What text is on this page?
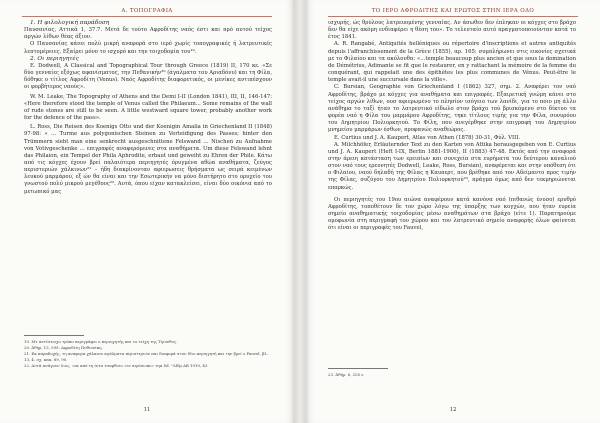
Α. ΤΟΠΟΓΡΑΦΙΑ

1. Η φιλολογική παράδοση

Παυσανίας, Αττικά 1, 37.7. Μετά δε τούτο Αφροδίτης ναός έστι και πρό αυτού τείχος αργών λίθων θέας άξιον.

Ο Παυσανίας κάνει πολύ μικρή αναφορά στο ιερό χωρίς τοπογραφικές ή λατρευτικές λεπτομέρειες. Εξαίρει μόνο το ισχυρό και την τοιχοδομία του¹⁹.

2. Οι περιηγητές

E. Dodwell, A Classical and Topographical Tour through Greece (1819) II, 170 κε. «Σε δύο γενναίες εξόχως αφανίσματος, την Πεθανικήν²⁰ (άγαλματα του Αριαδόνυ) και τη Φίλα, δόθηκε ο τίτλος Αφροδίτη (Venus). Ναός Αφροδίτης διαφορετικός, οι μενίκες αντιπέσχουν οι φορβήτερος ναούς».

W. M. Leake, The Topography of Athens and the Demi I-II (London 1841), III, II, 146-147: «Here therefore stood the temple of Venus called the Philaeum... Some remains of the wall of rude stones are still to be seen. A little westward square tower, probably another work for the defence of the pass».

L. Ross, Die Reisen des Koenigs Otto und der Koenigin Amalia in Griechenland II (1848) 97-98: « ... Turme aus polygonischen Steinen zu Verteidigung des Passes; hinter den Trümmern sieht man eine senkrecht ausgeschnittene Felswand ... Nischen zu Aufnahme von Votivgeschenke ... επιγραφές αναφερόμενες στα αναθήματα. Um diese Felswand lehnt das Philaion, ein Tempel der Phila Aphrodite, erbaut und geweiht zu Ehren der Phile. Κάτω από τις κόγχες έχουν βρεί παλαιότερα περιηγητές όρυγμένα αθώα αναθήματα, ζεύγος περιστεριών χάλκινων²¹ – ήδη διακρίνονταν αφιερωσεις θρήσματα ως σειρά κειμένων λευκού μαρμάρου, εξ ών θα είναι και την Εσωτερικήν να μόνο διατήρητο στο ορυχείο του γνωστού πολύ μικρού μεγέθους²². Αυτά, όπου είχαν κατακλείσει, είναι δύο οικόνια από το μετωπικό μας

19. Μτ αντίστοιχο τρόπο περιγράφει ο περιηγητής και το τείχη της Τίρυνθος.

20. Άθήρ. 13, 595: Αφροδίτη Πυθιονίκη.

21. Εκ παραδοχής, τη αναφορα χάλκινα αγάλματα περιστεριών παι διαφορά στον ίδιο περιηγητή και την βρεί ο Fauvel, βλ. 13, 4. σχ. κακ. 89, 90.

22. Αυτά ανάγουν λιος, «εκ από τη ίντα τσοφθοιο «εν αιρόσωπο» τηα Sd. "ΛΙδρ AR 1910, 43.

11
ΤΟ ΙΕΡΟ ΑΦΡΟΔΙΤΗΣ ΚΑΙ ΕΡΩΤΟΣ ΣΤΗΝ ΙΕΡΑ ΟΔΟ

ισχυρής, ώς θρύλους λατρευομένης γενναίας. Αν άσωθεν δεν έπληκαν οι κόγχες στο βράχο δεν θα είχε ακόμη ενδιαφέρει η θέση του». Το τελευταίο αυτό πραγματοποιούνταν κατά το έτος 1841.

A. R. Rangabé, Antiquités helléniques ou répertoire d'inscriptions et autres antiquités depuis l'affranchissement de la Grèce (1855), αρ. 165: συμπλήρωνει στις εικονίες σχετικά με το Φιλαίου και τα ακόλουθα: «...temple beaucoup plus ancien et que sous la domination de Démétrius, Adimante se fit que le restaurer, en y rattachant la mémoire de la femme du conquérant, qui rappelait une des épithètes les plus communes de Vénus. Peut-être le temple avait-il une succursale dans la ville».

C. Bursian, Geographie von Griechenland I (1862) 327, σημ. 2. Αναφέρει τον ναό Αφροδίτης, βράχο με κόγχες για αναθήματα και επιγραφές. Εξαιρετική γνώμη κάνει στο τείχος αργών λίθων, ουσ αφιερωμένο το πλησίον ισόγειο των λανίδι, για το ποιο μη άλλο ανάθημα το ταξί ήταν το λατρευτικό είδωλο στον βράχο τού βρισκόμενο στο δίκτυο τα φορέα ναό η Φίλα του μαρμάρου Αφροδίτης, τηκε τίτλους τιμής για την Φίλα, συνυρόου του Δημητρίου Πολιορκητού. Το Φίλη, που ανεγέρθηκε στην επιγραφή του Δημητρίου μνημείου μαρμάρων έσθων, προφανώς αναθεώρος.

E. Curtius und J. A. Kaupert, Atlas von Athen (1878) 30-31, Φύλ. VIII.

A. Milchhöfer, Erläuternder Text zu den Karten von Attika herausgegeben von E. Curtius und J. A. Kaupert (Heft I-IX, Berlin 1881-1900), II (1883) 47-48. Εκτός από την αναφορά στην άρειη κατάσταση των ερειπίων και συνεχεία στα ευρήματα του δεύτερου καναλιού στον ναό τους ερευνητές Dodwell, Leake, Ross, Bursian), αναφέρεται και στην υπόθεση ότι ο Φιλαίου, ναού δηλαδή της Φίλας η Καυπερτ, που βρέθηκε από τον Αδείμαντο προς τιμήν της Φίλας, συζύγου του Δημητρίου Πολιορκητού²³, πράγμα όμως από δεν τεκμηριώνεται επαρκώς.

Οι περιηγητές του 19ου αιώνα αναφέρουν κατά κανόνα ναό (πιθανώς ένυσο) ερυθρό Αφροδίτης, τοποθέτουν δε τον χώρο λόγω της ύπαρξης των κογχών, που ήταν ευρεία σημείο αναθηματικής τοιχοδομίας μέσω αναθημάτων στα βράχο (είτε 1). Παρατηρούμε ομοφωνία στη περιγραφή του χώρου και τον λατρευτικό σημείο αναφορής όλων φαίνεται ότι είναι οι περιγραφές του Fauvel,

23. Άθήρ. 6, 255 ε.

12
